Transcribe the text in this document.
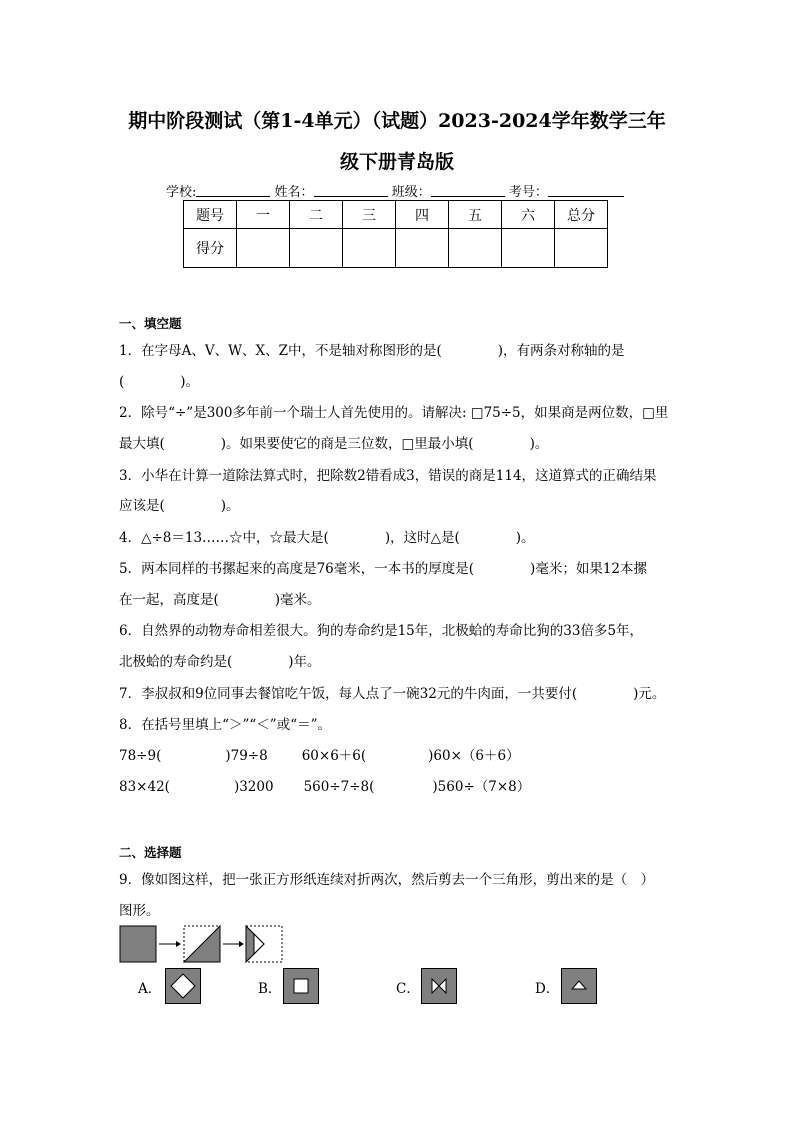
期中阶段测试（第1-4单元）（试题）2023-2024学年数学三年
级下册青岛版
学校:	姓名：	班级：	考号：
题号	一	二	三	四	五	六	总分
得分							
一、填空题
1．在字母A、V、W、X、Z中，不是轴对称图形的是(	)，有两条对称轴的是
(	)。
2．除号“÷”是300多年前一个瑞士人首先使用的。请解决: □75÷5，如果商是两位数，□里
最大填(	)。如果要使它的商是三位数，□里最小填(	)。
3．小华在计算一道除法算式时，把除数2错看成3，错误的商是114，这道算式的正确结果
应该是(	)。
4．△÷8＝13……☆中，☆最大是(	)，这时△是(	)。
5．两本同样的书摞起来的高度是76毫米，一本书的厚度是(	)毫米；如果12本摞
在一起，高度是(	)毫米。
6．自然界的动物寿命相差很大。狗的寿命约是15年，北极蛤的寿命比狗的33倍多5年，
北极蛤的寿命约是(	)年。
7．李叔叔和9位同事去餐馆吃午饭，每人点了一碗32元的牛肉面，一共要付(	)元。
8．在括号里填上“＞”“＜”或“＝”。
78÷9(	)79÷8	60×6＋6(	)60×（6＋6）
83×42(	)3200 560÷7÷8(	)560÷（7×8）
二、选择题
9．像如图这样，把一张正方形纸连续对折两次，然后剪去一个三角形，剪出来的是（　）
图形。
A．	B．	C．	D．
